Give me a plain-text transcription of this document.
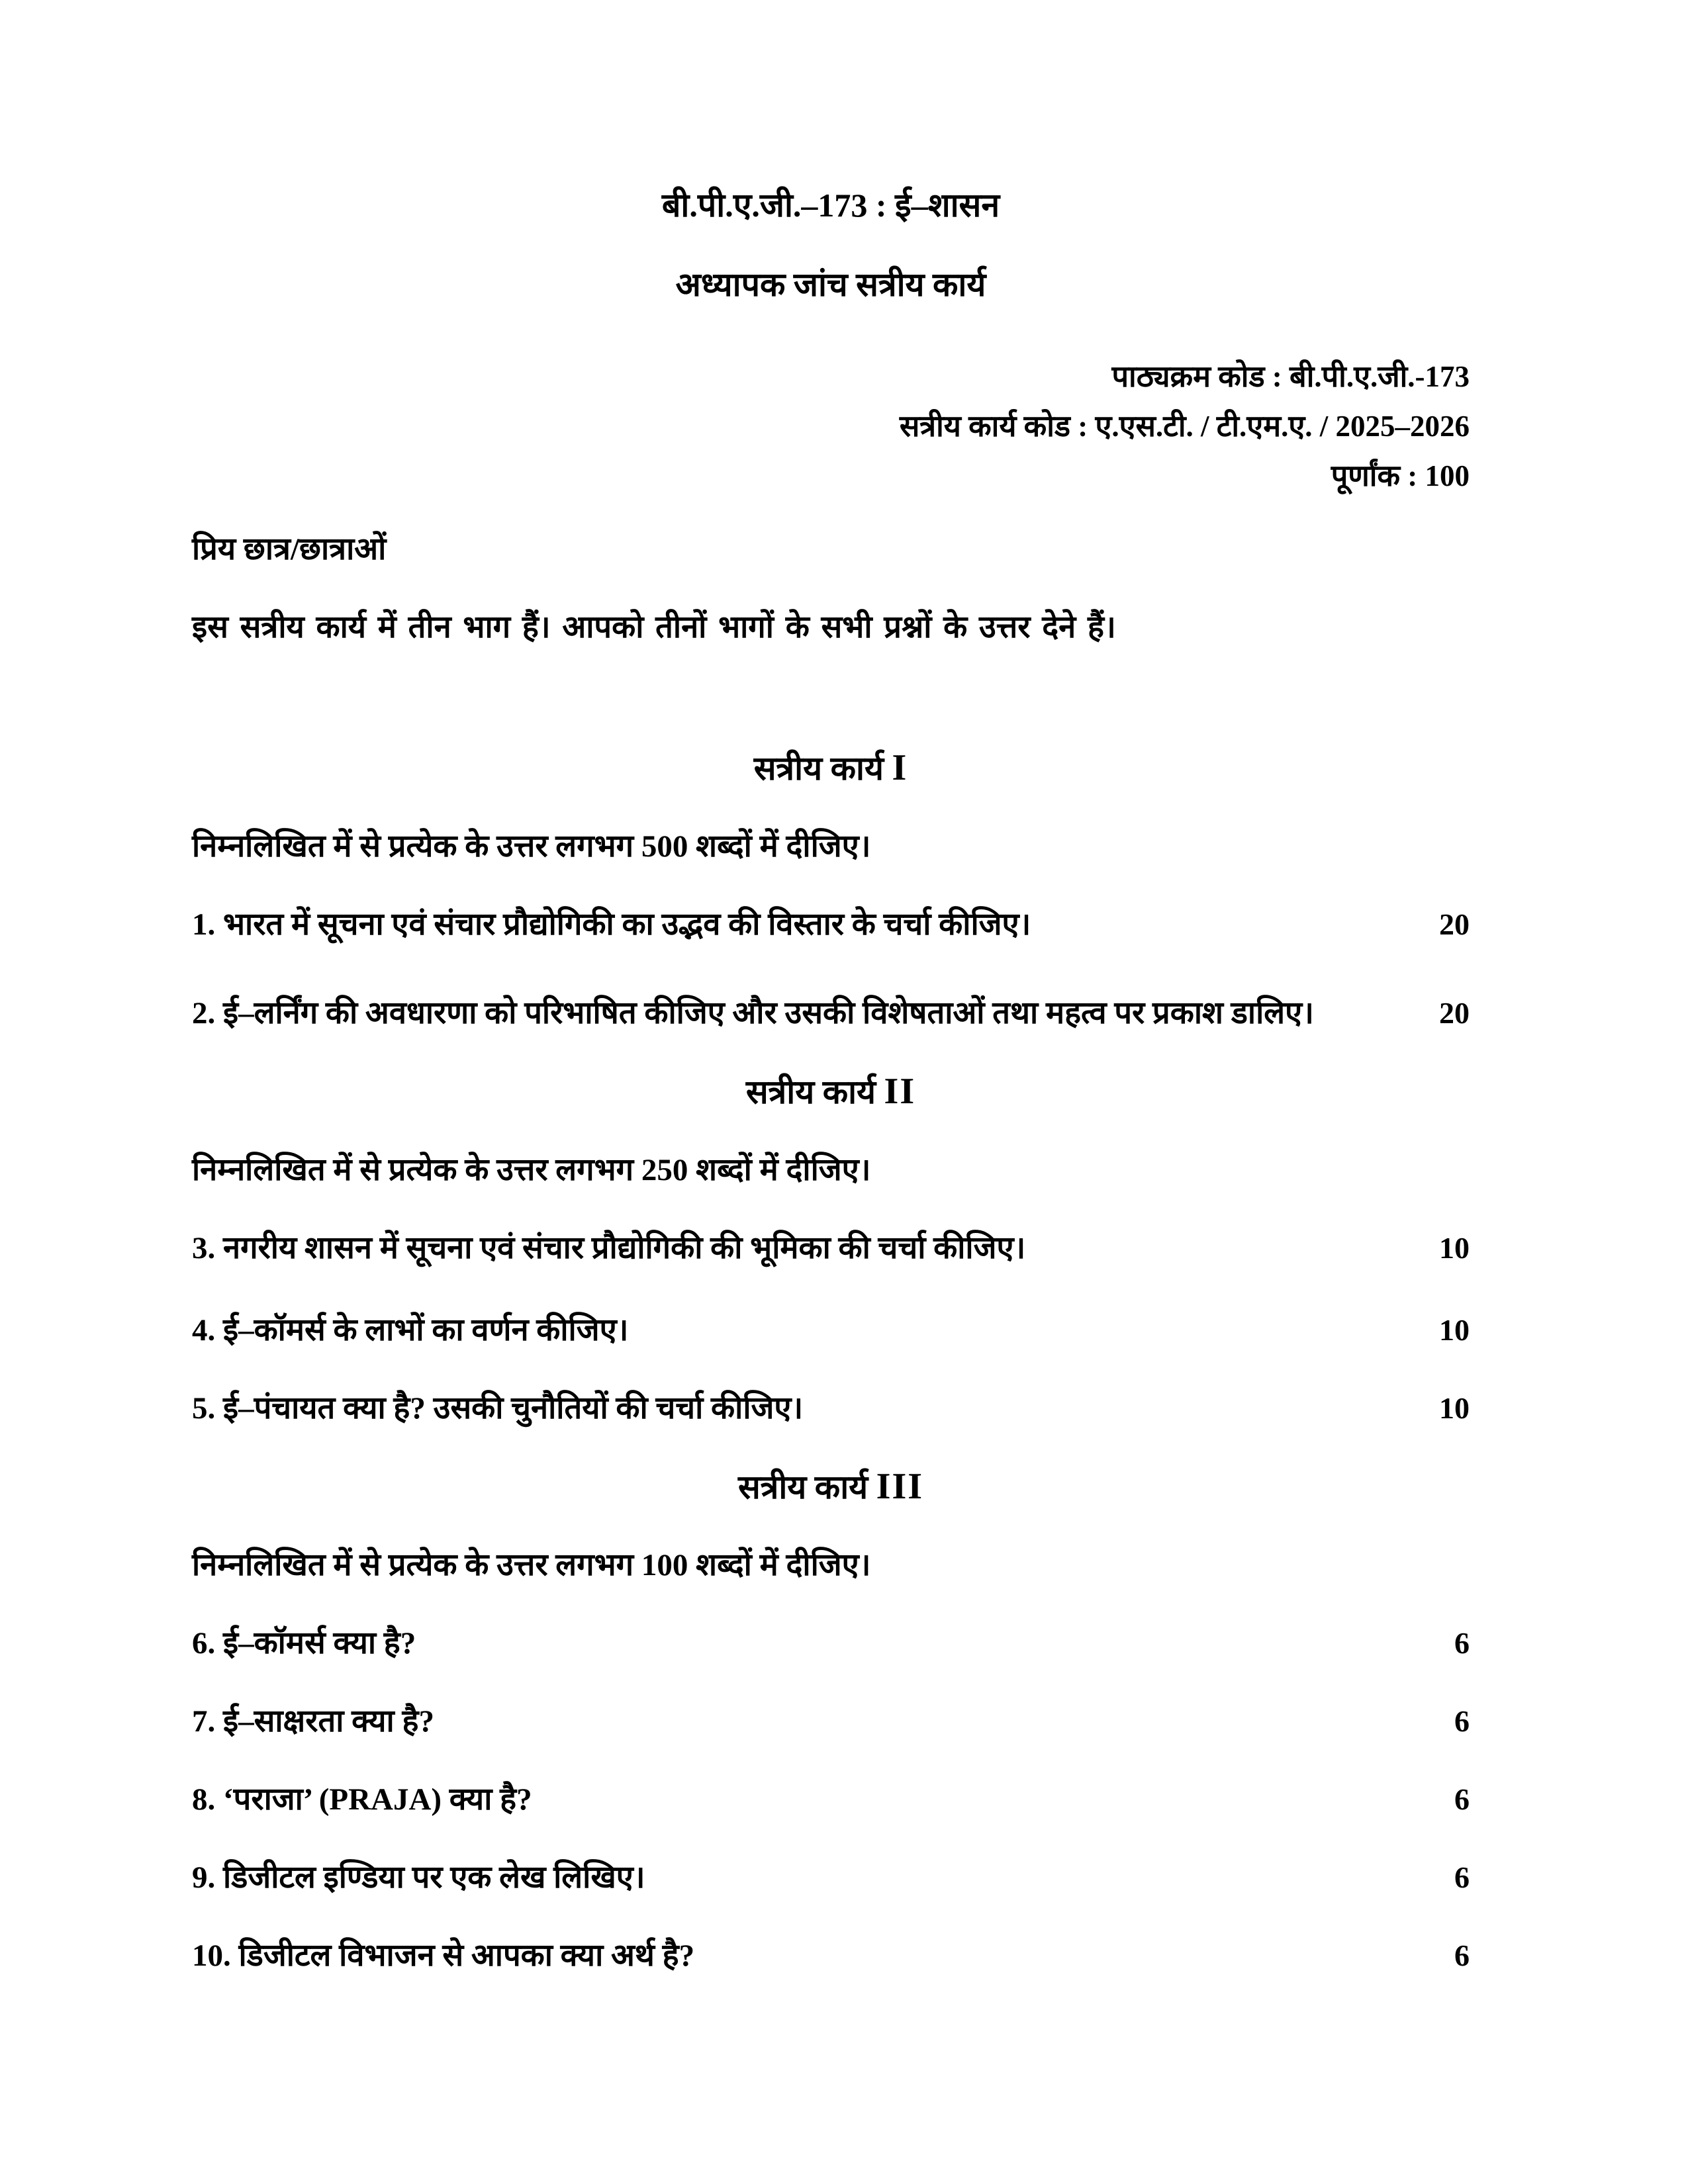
बी.पी.ए.जी.–173 : ई–शासन
अध्यापक जांच सत्रीय कार्य
पाठ्यक्रम कोड : बी.पी.ए.जी.-173
सत्रीय कार्य कोड : ए.एस.टी. / टी.एम.ए. / 2025–2026
पूर्णांक : 100

प्रिय छात्र/छात्राओं

इस सत्रीय कार्य में तीन भाग हैं। आपको तीनों भागों के सभी प्रश्नों के उत्तर देने हैं।

सत्रीय कार्य I

निम्नलिखित में से प्रत्येक के उत्तर लगभग 500 शब्दों में दीजिए।

1. भारत में सूचना एवं संचार प्रौद्योगिकी का उद्भव की विस्तार के चर्चा कीजिए।	20
2. ई–लर्निंग की अवधारणा को परिभाषित कीजिए और उसकी विशेषताओं तथा महत्व पर प्रकाश डालिए।	20
सत्रीय कार्य II

निम्नलिखित में से प्रत्येक के उत्तर लगभग 250 शब्दों में दीजिए।

3. नगरीय शासन में सूचना एवं संचार प्रौद्योगिकी की भूमिका की चर्चा कीजिए।	10
4. ई–कॉमर्स के लाभों का वर्णन कीजिए।	10
5. ई–पंचायत क्या है? उसकी चुनौतियों की चर्चा कीजिए।	10
सत्रीय कार्य III

निम्नलिखित में से प्रत्येक के उत्तर लगभग 100 शब्दों में दीजिए।

6. ई–कॉमर्स क्या है?	6
7. ई–साक्षरता क्या है?	6
8. ‘पराजा’ (PRAJA) क्या है?	6
9. डिजीटल इण्डिया पर एक लेख लिखिए।	6
10. डिजीटल विभाजन से आपका क्या अर्थ है?	6
